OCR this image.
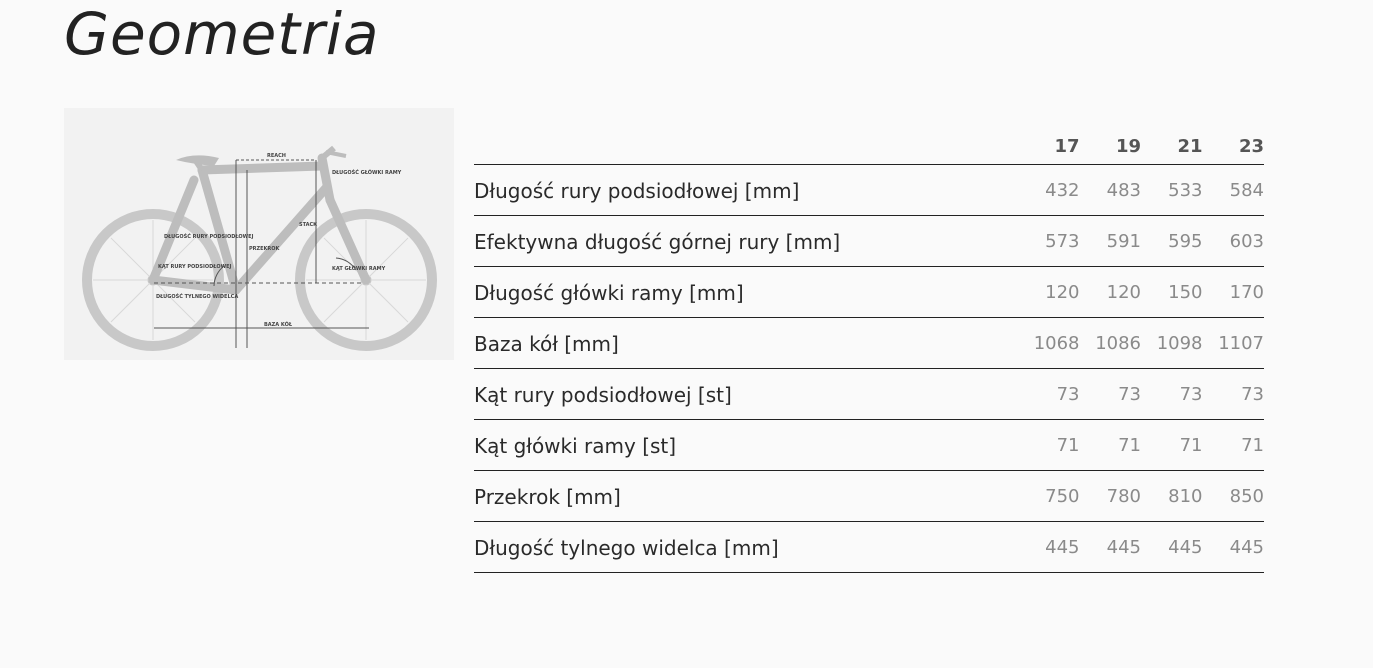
Geometria
REACH
STACK
DŁUGOŚĆ GŁÓWKI RAMY
DŁUGOŚĆ RURY PODSIODŁOWEJ
KĄT RURY PODSIODŁOWEJ
PRZEKROK
KĄT GŁÓWKI RAMY
DŁUGOŚĆ TYLNEGO WIDELCA
BAZA KÓŁ
17	19	21	23
Długość rury podsiodłowej [mm]	432	483	533	584
Efektywna długość górnej rury [mm]	573	591	595	603
Długość główki ramy [mm]	120	120	150	170
Baza kół [mm]	1068 1086 1098 1107
Kąt rury podsiodłowej [st]	73	73	73	73
Kąt główki ramy [st]	71	71	71	71
Przekrok [mm]	750	780	810	850
Długość tylnego widelca [mm]	445	445	445	445
